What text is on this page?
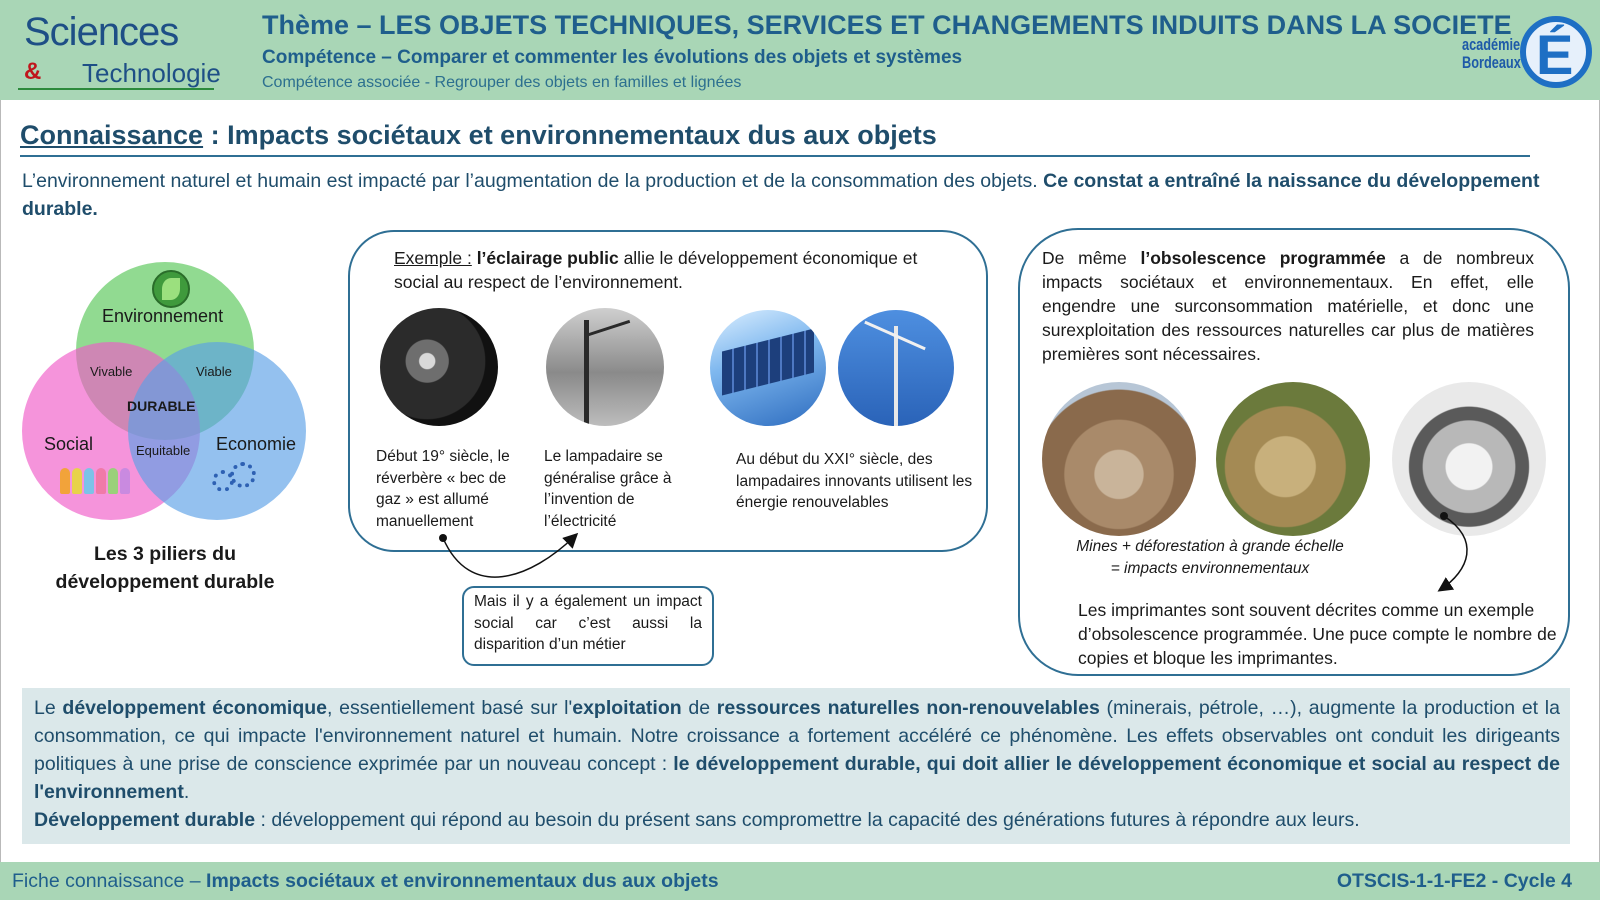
Sciences
& Technologie
Thème – LES OBJETS TECHNIQUES, SERVICES ET CHANGEMENTS INDUITS DANS LA SOCIETE
Compétence – Comparer et commenter les évolutions des objets et systèmes
Compétence associée - Regrouper des objets en familles et lignées	É
académie
Bordeaux
Connaissance : Impacts sociétaux et environnementaux dus aux objets
L’environnement naturel et humain est impacté par l’augmentation de la production et de la consommation des objets. Ce constat a entraîné la naissance du développement durable.
Environnement
Social	Economie
Vivable	Viable
Equitable
DURABLE
Les 3 piliers du développement durable
Exemple : l’éclairage public allie le développement économique et social au respect de l’environnement.
Début 19° siècle, le réverbère « bec de gaz » est allumé manuellement
Le lampadaire se généralise grâce à l’invention de l’électricité
Au début du XXI° siècle, des lampadaires innovants utilisent les énergie renouvelables
Mais il y a également un impact social car c’est aussi la disparition d’un métier
De même l’obsolescence programmée a de nombreux impacts sociétaux et environnementaux. En effet, elle engendre une surconsommation matérielle, et donc une surexploitation des ressources naturelles car plus de matières premières sont nécessaires.
Mines + déforestation à grande échelle
= impacts environnementaux
Les imprimantes sont souvent décrites comme un exemple d’obsolescence programmée. Une puce compte le nombre de copies et bloque les imprimantes.
Le développement économique, essentiellement basé sur l'exploitation de ressources naturelles non-renouvelables (minerais, pétrole, …), augmente la production et la consommation, ce qui impacte l'environnement naturel et humain. Notre croissance a fortement accéléré ce phénomène. Les effets observables ont conduit les dirigeants politiques à une prise de conscience exprimée par un nouveau concept : le développement durable, qui doit allier le développement économique et social au respect de l'environnement.
Développement durable : développement qui répond au besoin du présent sans compromettre la capacité des générations futures à répondre aux leurs.
Fiche connaissance – Impacts sociétaux et environnementaux dus aux objets	OTSCIS-1-1-FE2 - Cycle 4
